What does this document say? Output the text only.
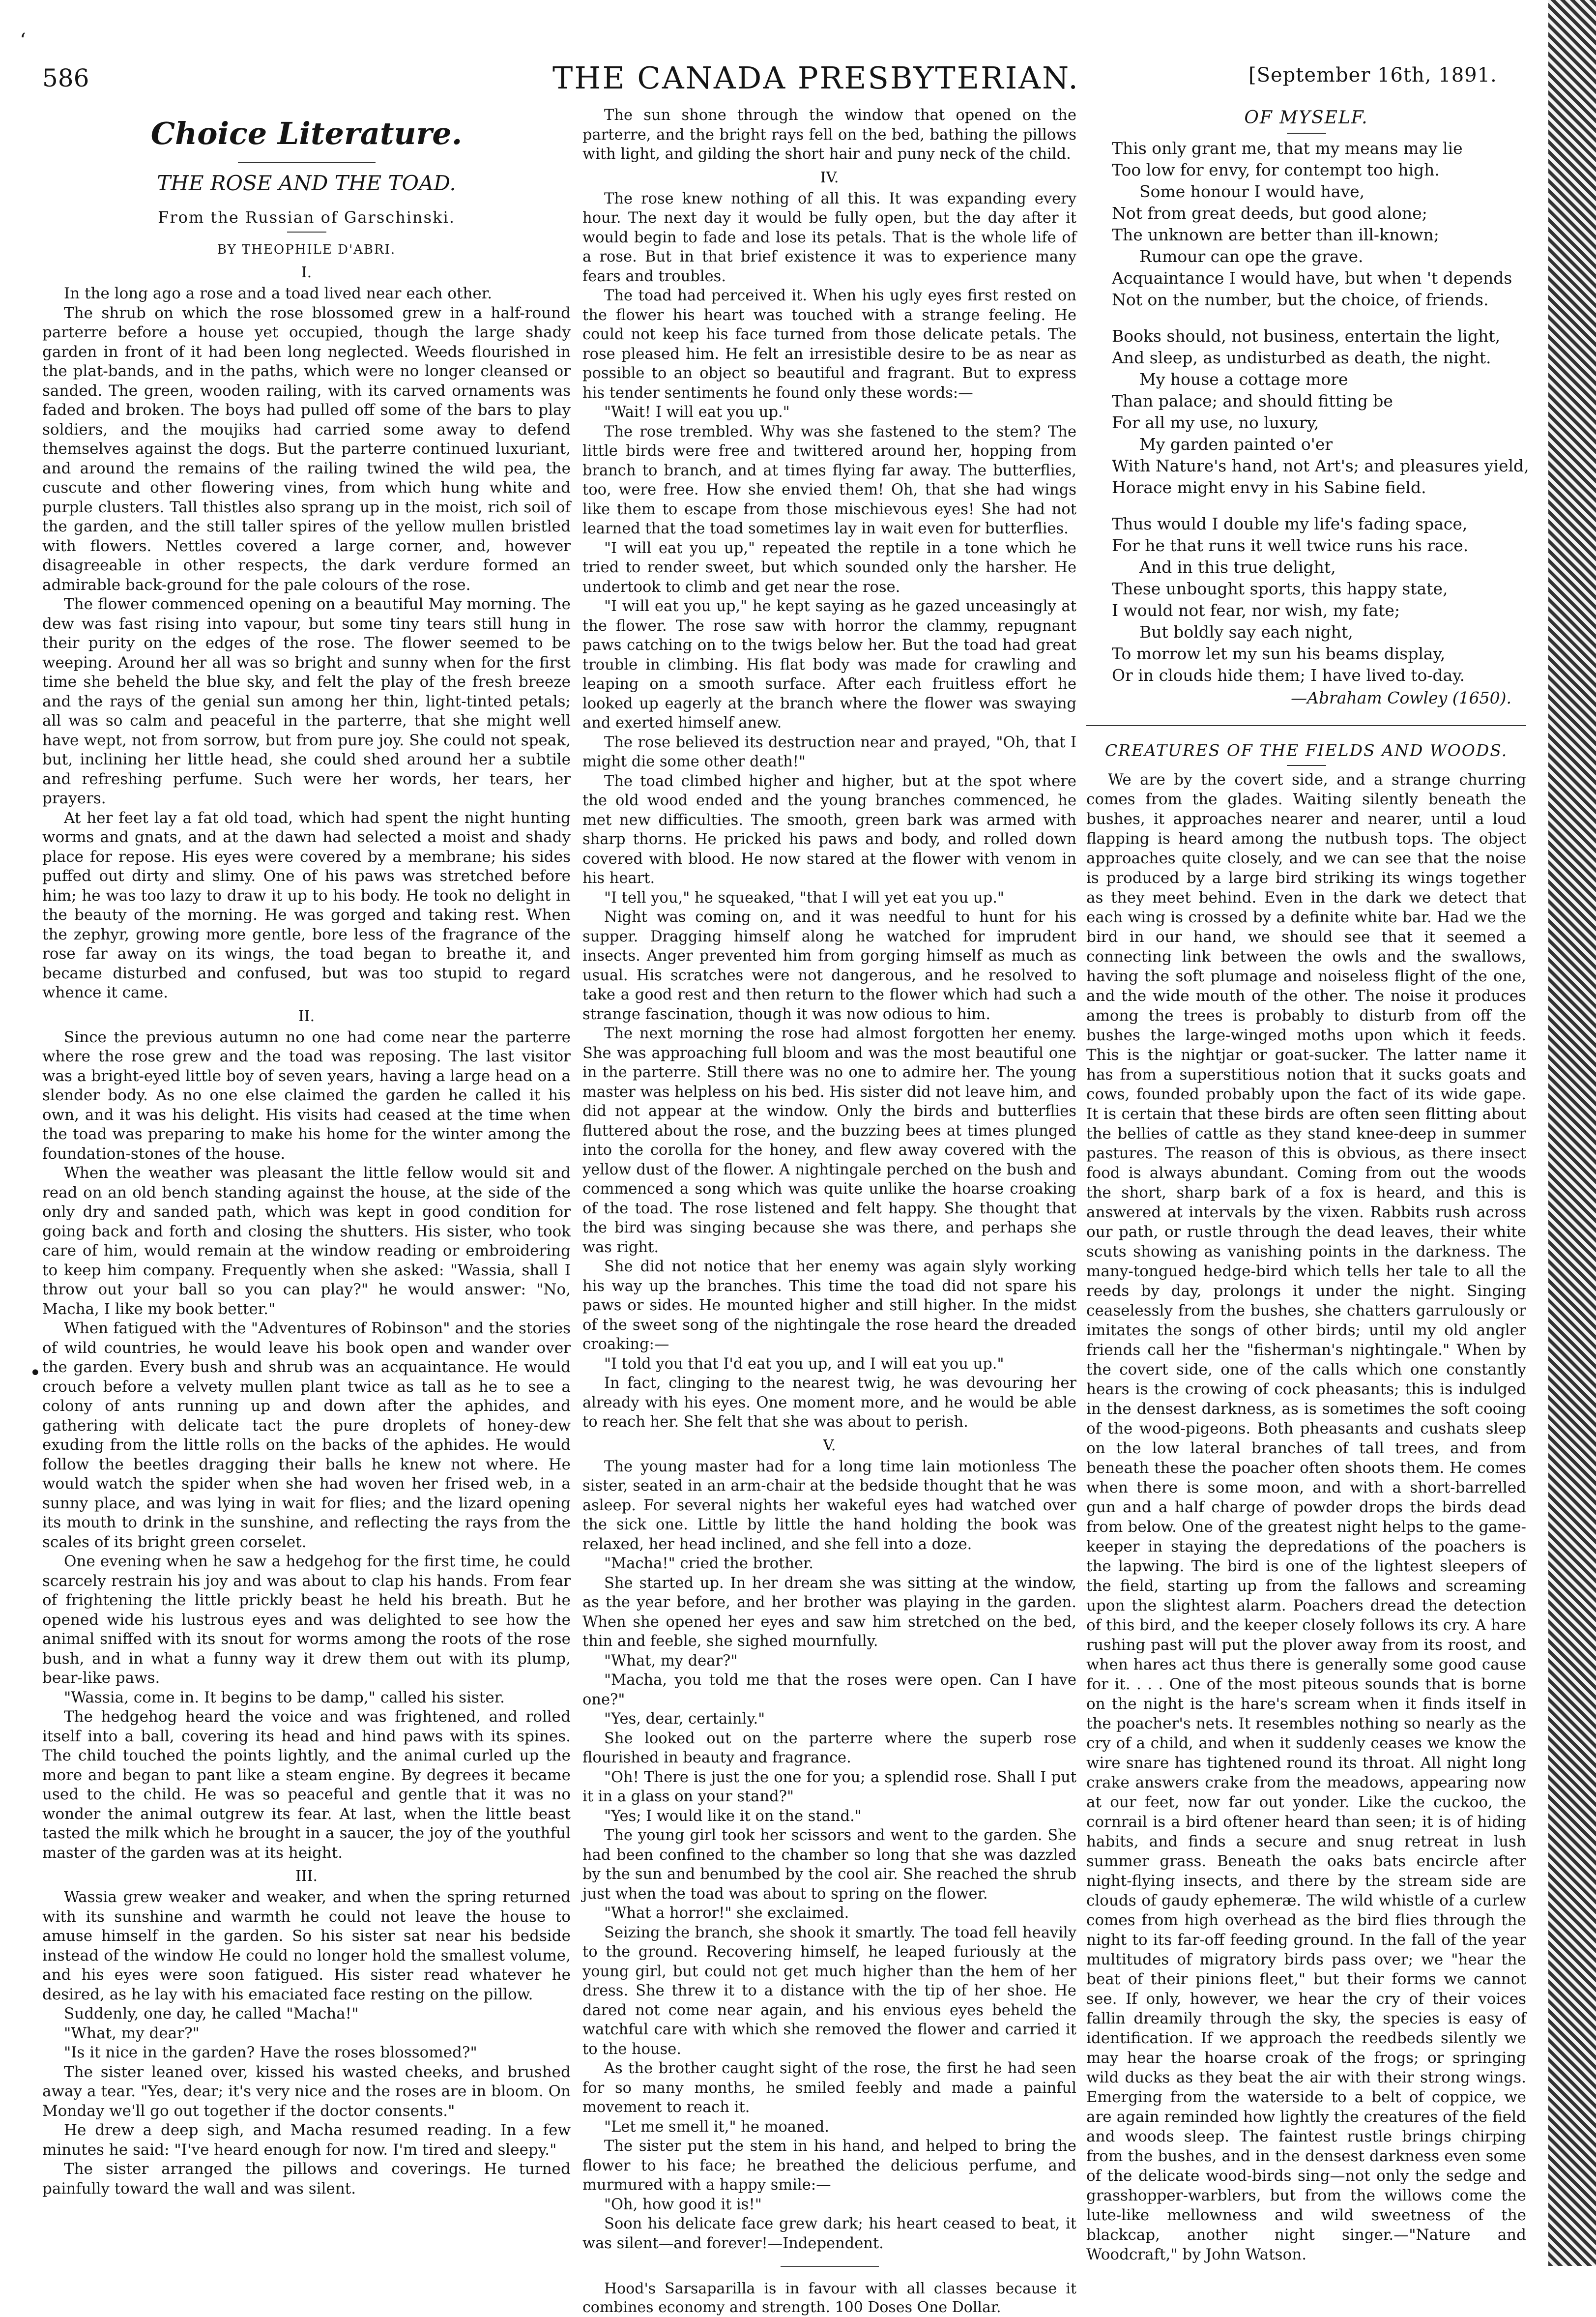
586	THE CANADA PRESBYTERIAN.	[September 16th, 1891.
‘
•
Choice Literature.
THE ROSE AND THE TOAD.
From the Russian of Garschinski.
BY THEOPHILE D'ABRI.
I.

In the long ago a rose and a toad lived near each other.

The shrub on which the rose blossomed grew in a half-round parterre before a house yet occupied, though the large shady garden in front of it had been long neglected. Weeds flourished in the plat-bands, and in the paths, which were no longer cleansed or sanded. The green, wooden railing, with its carved ornaments was faded and broken. The boys had pulled off some of the bars to play soldiers, and the moujiks had carried some away to defend themselves against the dogs. But the parterre continued luxuriant, and around the remains of the railing twined the wild pea, the cuscute and other flowering vines, from which hung white and purple clusters. Tall thistles also sprang up in the moist, rich soil of the garden, and the still taller spires of the yellow mullen bristled with flowers. Nettles covered a large corner, and, however disagreeable in other respects, the dark verdure formed an admirable back-ground for the pale colours of the rose.

The flower commenced opening on a beautiful May morning. The dew was fast rising into vapour, but some tiny tears still hung in their purity on the edges of the rose. The flower seemed to be weeping. Around her all was so bright and sunny when for the first time she beheld the blue sky, and felt the play of the fresh breeze and the rays of the genial sun among her thin, light-tinted petals; all was so calm and peaceful in the parterre, that she might well have wept, not from sorrow, but from pure joy. She could not speak, but, inclining her little head, she could shed around her a subtile and refreshing perfume. Such were her words, her tears, her prayers.

At her feet lay a fat old toad, which had spent the night hunting worms and gnats, and at the dawn had selected a moist and shady place for repose. His eyes were covered by a membrane; his sides puffed out dirty and slimy. One of his paws was stretched before him; he was too lazy to draw it up to his body. He took no delight in the beauty of the morning. He was gorged and taking rest. When the zephyr, growing more gentle, bore less of the fragrance of the rose far away on its wings, the toad began to breathe it, and became disturbed and confused, but was too stupid to regard whence it came.

II.

Since the previous autumn no one had come near the parterre where the rose grew and the toad was reposing. The last visitor was a bright-eyed little boy of seven years, having a large head on a slender body. As no one else claimed the garden he called it his own, and it was his delight. His visits had ceased at the time when the toad was preparing to make his home for the winter among the foundation-stones of the house.

When the weather was pleasant the little fellow would sit and read on an old bench standing against the house, at the side of the only dry and sanded path, which was kept in good condition for going back and forth and closing the shutters. His sister, who took care of him, would remain at the window reading or embroidering to keep him company. Frequently when she asked: "Wassia, shall I throw out your ball so you can play?" he would answer: "No, Macha, I like my book better."

When fatigued with the "Adventures of Robinson" and the stories of wild countries, he would leave his book open and wander over the garden. Every bush and shrub was an acquaintance. He would crouch before a velvety mullen plant twice as tall as he to see a colony of ants running up and down after the aphides, and gathering with delicate tact the pure droplets of honey-dew exuding from the little rolls on the backs of the aphides. He would follow the beetles dragging their balls he knew not where. He would watch the spider when she had woven her frised web, in a sunny place, and was lying in wait for flies; and the lizard opening its mouth to drink in the sunshine, and reflecting the rays from the scales of its bright green corselet.

One evening when he saw a hedgehog for the first time, he could scarcely restrain his joy and was about to clap his hands. From fear of frightening the little prickly beast he held his breath. But he opened wide his lustrous eyes and was delighted to see how the animal sniffed with its snout for worms among the roots of the rose bush, and in what a funny way it drew them out with its plump, bear-like paws.

"Wassia, come in. It begins to be damp," called his sister.

The hedgehog heard the voice and was frightened, and rolled itself into a ball, covering its head and hind paws with its spines. The child touched the points lightly, and the animal curled up the more and began to pant like a steam engine. By degrees it became used to the child. He was so peaceful and gentle that it was no wonder the animal outgrew its fear. At last, when the little beast tasted the milk which he brought in a saucer, the joy of the youthful master of the garden was at its height.

III.

Wassia grew weaker and weaker, and when the spring returned with its sunshine and warmth he could not leave the house to amuse himself in the garden. So his sister sat near his bedside instead of the window He could no longer hold the smallest volume, and his eyes were soon fatigued. His sister read whatever he desired, as he lay with his emaciated face resting on the pillow.

Suddenly, one day, he called "Macha!"

"What, my dear?"

"Is it nice in the garden? Have the roses blossomed?"

The sister leaned over, kissed his wasted cheeks, and brushed away a tear. "Yes, dear; it's very nice and the roses are in bloom. On Monday we'll go out together if the doctor consents."

He drew a deep sigh, and Macha resumed reading. In a few minutes he said: "I've heard enough for now. I'm tired and sleepy."

The sister arranged the pillows and coverings. He turned painfully toward the wall and was silent.

The sun shone through the window that opened on the parterre, and the bright rays fell on the bed, bathing the pillows with light, and gilding the short hair and puny neck of the child.

IV.

The rose knew nothing of all this. It was expanding every hour. The next day it would be fully open, but the day after it would begin to fade and lose its petals. That is the whole life of a rose. But in that brief existence it was to experience many fears and troubles.

The toad had perceived it. When his ugly eyes first rested on the flower his heart was touched with a strange feeling. He could not keep his face turned from those delicate petals. The rose pleased him. He felt an irresistible desire to be as near as possible to an object so beautiful and fragrant. But to express his tender sentiments he found only these words:—

"Wait! I will eat you up."

The rose trembled. Why was she fastened to the stem? The little birds were free and twittered around her, hopping from branch to branch, and at times flying far away. The butterflies, too, were free. How she envied them! Oh, that she had wings like them to escape from those mischievous eyes! She had not learned that the toad sometimes lay in wait even for butterflies.

"I will eat you up," repeated the reptile in a tone which he tried to render sweet, but which sounded only the harsher. He undertook to climb and get near the rose.

"I will eat you up," he kept saying as he gazed unceasingly at the flower. The rose saw with horror the clammy, repugnant paws catching on to the twigs below her. But the toad had great trouble in climbing. His flat body was made for crawling and leaping on a smooth surface. After each fruitless effort he looked up eagerly at the branch where the flower was swaying and exerted himself anew.

The rose believed its destruction near and prayed, "Oh, that I might die some other death!"

The toad climbed higher and higher, but at the spot where the old wood ended and the young branches commenced, he met new difficulties. The smooth, green bark was armed with sharp thorns. He pricked his paws and body, and rolled down covered with blood. He now stared at the flower with venom in his heart.

"I tell you," he squeaked, "that I will yet eat you up."

Night was coming on, and it was needful to hunt for his supper. Dragging himself along he watched for imprudent insects. Anger prevented him from gorging himself as much as usual. His scratches were not dangerous, and he resolved to take a good rest and then return to the flower which had such a strange fascination, though it was now odious to him.

The next morning the rose had almost forgotten her enemy. She was approaching full bloom and was the most beautiful one in the parterre. Still there was no one to admire her. The young master was helpless on his bed. His sister did not leave him, and did not appear at the window. Only the birds and butterflies fluttered about the rose, and the buzzing bees at times plunged into the corolla for the honey, and flew away covered with the yellow dust of the flower. A nightingale perched on the bush and commenced a song which was quite unlike the hoarse croaking of the toad. The rose listened and felt happy. She thought that the bird was singing because she was there, and perhaps she was right.

She did not notice that her enemy was again slyly working his way up the branches. This time the toad did not spare his paws or sides. He mounted higher and still higher. In the midst of the sweet song of the nightingale the rose heard the dreaded croaking:—

"I told you that I'd eat you up, and I will eat you up."

In fact, clinging to the nearest twig, he was devouring her already with his eyes. One moment more, and he would be able to reach her. She felt that she was about to perish.

V.

The young master had for a long time lain motionless The sister, seated in an arm-chair at the bedside thought that he was asleep. For several nights her wakeful eyes had watched over the sick one. Little by little the hand holding the book was relaxed, her head inclined, and she fell into a doze.

"Macha!" cried the brother.

She started up. In her dream she was sitting at the window, as the year before, and her brother was playing in the garden. When she opened her eyes and saw him stretched on the bed, thin and feeble, she sighed mournfully.

"What, my dear?"

"Macha, you told me that the roses were open. Can I have one?"

"Yes, dear, certainly."

She looked out on the parterre where the superb rose flourished in beauty and fragrance.

"Oh! There is just the one for you; a splendid rose. Shall I put it in a glass on your stand?"

"Yes; I would like it on the stand."

The young girl took her scissors and went to the garden. She had been confined to the chamber so long that she was dazzled by the sun and benumbed by the cool air. She reached the shrub just when the toad was about to spring on the flower.

"What a horror!" she exclaimed.

Seizing the branch, she shook it smartly. The toad fell heavily to the ground. Recovering himself, he leaped furiously at the young girl, but could not get much higher than the hem of her dress. She threw it to a distance with the tip of her shoe. He dared not come near again, and his envious eyes beheld the watchful care with which she removed the flower and carried it to the house.

As the brother caught sight of the rose, the first he had seen for so many months, he smiled feebly and made a painful movement to reach it.

"Let me smell it," he moaned.

The sister put the stem in his hand, and helped to bring the flower to his face; he breathed the delicious perfume, and murmured with a happy smile:—

"Oh, how good it is!"

Soon his delicate face grew dark; his heart ceased to beat, it was silent—and forever!—Independent.

Hood's Sarsaparilla is in favour with all classes because it combines economy and strength. 100 Doses One Dollar.
OF MYSELF.
This only grant me, that my means may lie
Too low for envy, for contempt too high.
Some honour I would have,
Not from great deeds, but good alone;
The unknown are better than ill-known;
Rumour can ope the grave.
Acquaintance I would have, but when 't depends
Not on the number, but the choice, of friends.
Books should, not business, entertain the light,
And sleep, as undisturbed as death, the night.
My house a cottage more
Than palace; and should fitting be
For all my use, no luxury,
My garden painted o'er
With Nature's hand, not Art's; and pleasures yield,
Horace might envy in his Sabine field.
Thus would I double my life's fading space,
For he that runs it well twice runs his race.
And in this true delight,
These unbought sports, this happy state,
I would not fear, nor wish, my fate;
But boldly say each night,
To morrow let my sun his beams display,
Or in clouds hide them; I have lived to-day.
—Abraham Cowley (1650).
CREATURES OF THE FIELDS AND WOODS.

We are by the covert side, and a strange churring comes from the glades. Waiting silently beneath the bushes, it approaches nearer and nearer, until a loud flapping is heard among the nutbush tops. The object approaches quite closely, and we can see that the noise is produced by a large bird striking its wings together as they meet behind. Even in the dark we detect that each wing is crossed by a definite white bar. Had we the bird in our hand, we should see that it seemed a connecting link between the owls and the swallows, having the soft plumage and noiseless flight of the one, and the wide mouth of the other. The noise it produces among the trees is probably to disturb from off the bushes the large-winged moths upon which it feeds. This is the nightjar or goat-sucker. The latter name it has from a superstitious notion that it sucks goats and cows, founded probably upon the fact of its wide gape. It is certain that these birds are often seen flitting about the bellies of cattle as they stand knee-deep in summer pastures. The reason of this is obvious, as there insect food is always abundant. Coming from out the woods the short, sharp bark of a fox is heard, and this is answered at intervals by the vixen. Rabbits rush across our path, or rustle through the dead leaves, their white scuts showing as vanishing points in the darkness. The many-tongued hedge-bird which tells her tale to all the reeds by day, prolongs it under the night. Singing ceaselessly from the bushes, she chatters garrulously or imitates the songs of other birds; until my old angler friends call her the "fisherman's nightingale." When by the covert side, one of the calls which one constantly hears is the crowing of cock pheasants; this is indulged in the densest darkness, as is sometimes the soft cooing of the wood-pigeons. Both pheasants and cushats sleep on the low lateral branches of tall trees, and from beneath these the poacher often shoots them. He comes when there is some moon, and with a short-barrelled gun and a half charge of powder drops the birds dead from below. One of the greatest night helps to the game-keeper in staying the depredations of the poachers is the lapwing. The bird is one of the lightest sleepers of the field, starting up from the fallows and screaming upon the slightest alarm. Poachers dread the detection of this bird, and the keeper closely follows its cry. A hare rushing past will put the plover away from its roost, and when hares act thus there is generally some good cause for it. . . . One of the most piteous sounds that is borne on the night is the hare's scream when it finds itself in the poacher's nets. It resembles nothing so nearly as the cry of a child, and when it suddenly ceases we know the wire snare has tightened round its throat. All night long crake answers crake from the meadows, appearing now at our feet, now far out yonder. Like the cuckoo, the cornrail is a bird oftener heard than seen; it is of hiding habits, and finds a secure and snug retreat in lush summer grass. Beneath the oaks bats encircle after night-flying insects, and there by the stream side are clouds of gaudy ephemeræ. The wild whistle of a curlew comes from high overhead as the bird flies through the night to its far-off feeding ground. In the fall of the year multitudes of migratory birds pass over; we "hear the beat of their pinions fleet," but their forms we cannot see. If only, however, we hear the cry of their voices fallin dreamily through the sky, the species is easy of identification. If we approach the reedbeds silently we may hear the hoarse croak of the frogs; or springing wild ducks as they beat the air with their strong wings. Emerging from the waterside to a belt of coppice, we are again reminded how lightly the creatures of the field and woods sleep. The faintest rustle brings chirping from the bushes, and in the densest darkness even some of the delicate wood-birds sing—not only the sedge and grasshopper-warblers, but from the willows come the lute-like mellowness and wild sweetness of the blackcap, another night singer.—"Nature and Woodcraft," by John Watson.
